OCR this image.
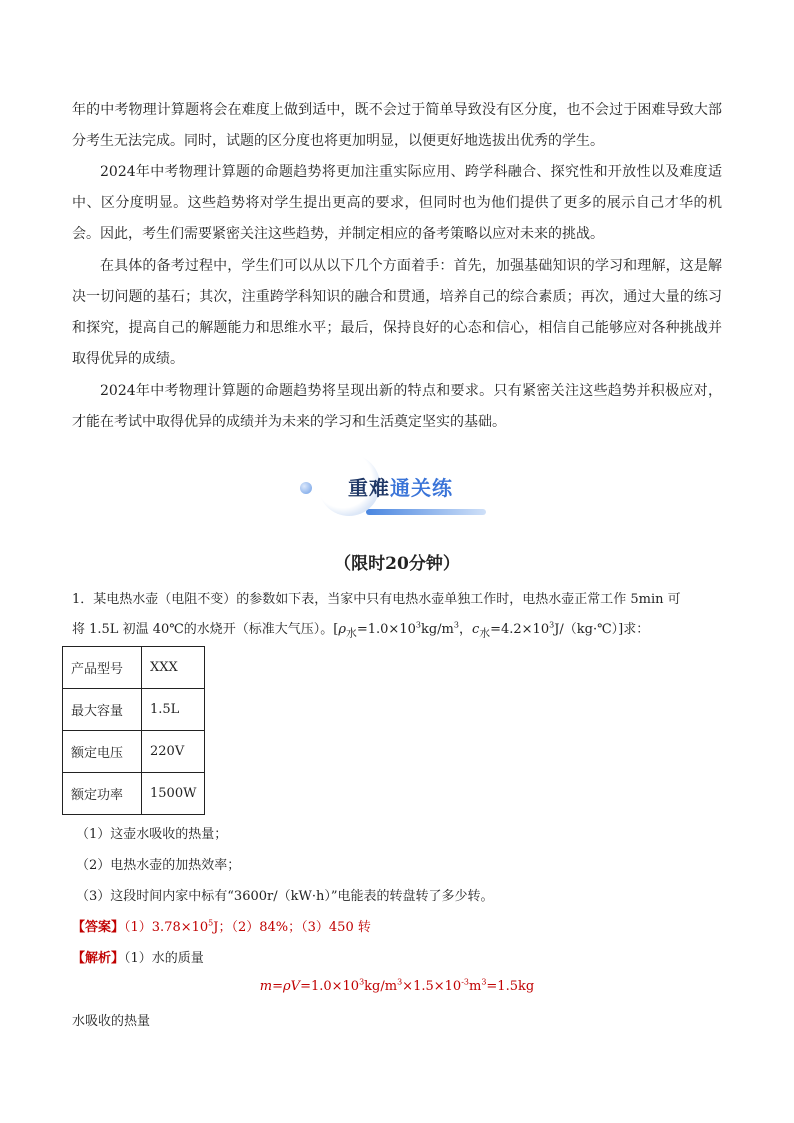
年的中考物理计算题将会在难度上做到适中，既不会过于简单导致没有区分度，也不会过于困难导致大部分考生无法完成。同时，试题的区分度也将更加明显，以便更好地选拔出优秀的学生。

2024年中考物理计算题的命题趋势将更加注重实际应用、跨学科融合、探究性和开放性以及难度适中、区分度明显。这些趋势将对学生提出更高的要求，但同时也为他们提供了更多的展示自己才华的机会。因此，考生们需要紧密关注这些趋势，并制定相应的备考策略以应对未来的挑战。

在具体的备考过程中，学生们可以从以下几个方面着手：首先，加强基础知识的学习和理解，这是解决一切问题的基石；其次，注重跨学科知识的融合和贯通，培养自己的综合素质；再次，通过大量的练习和探究，提高自己的解题能力和思维水平；最后，保持良好的心态和信心，相信自己能够应对各种挑战并取得优异的成绩。

2024年中考物理计算题的命题趋势将呈现出新的特点和要求。只有紧密关注这些趋势并积极应对，才能在考试中取得优异的成绩并为未来的学习和生活奠定坚实的基础。

重难通关练
（限时20分钟）

1．某电热水壶（电阻不变）的参数如下表，当家中只有电热水壶单独工作时，电热水壶正常工作 5min 可

将 1.5L 初温 40℃的水烧开（标准大气压）。[$\rho_水=1.0\times 10^3kg/m^3$，$c_水=4.2\times 10^3J/(kg\cdot℃)$]求：

产品型号	XXX
最大容量	1.5L
额定电压	220V
额定功率	1500W
（1）这壶水吸收的热量；
（2）电热水壶的加热效率；
（3）这段时间内家中标有“3600r/（kW·h）”电能表的转盘转了多少转。
【答案】$(1)3.78\times 10^5J$；（2）84%；（3）450 转
【解析】（1）水的质量
$m=\rho V=1.0\times 10^3kg/m^3\times 1.5\times 10^{-3}m^3=1.5kg$
水吸收的热量
